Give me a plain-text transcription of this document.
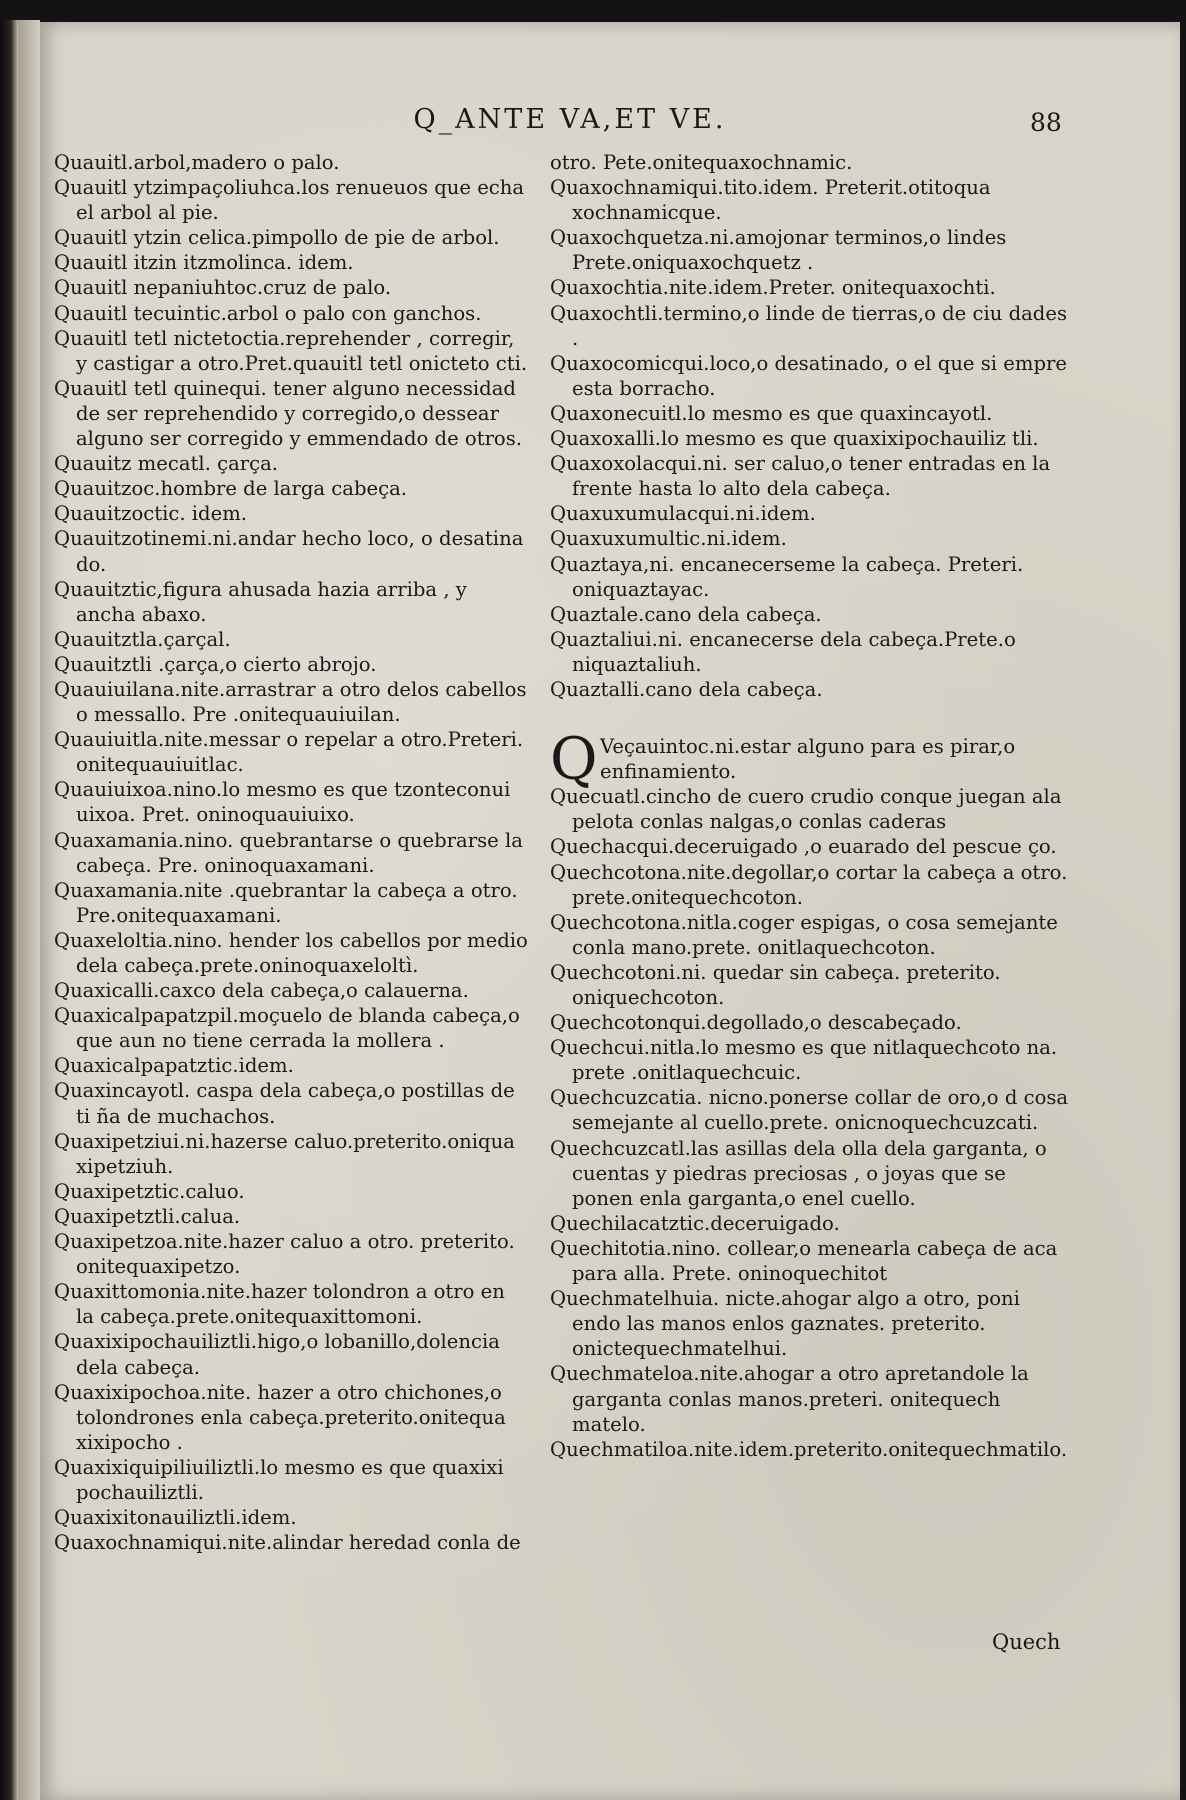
Q_ANTE VA,ET VE.	88

Quauitl.arbol,madero o palo.

Quauitl ytzimpaçoliuhca.los renueuos que echa el arbol al pie.

Quauitl ytzin celica.pimpollo de pie de arbol.

Quauitl itzin itzmolinca. idem.

Quauitl nepaniuhtoc.cruz de palo.

Quauitl tecuintic.arbol o palo con ganchos.

Quauitl tetl nictetoctia.reprehender , corregir, y castigar a otro.Pret.quauitl tetl onicteto cti.

Quauitl tetl quinequi. tener alguno necessidad de ser reprehendido y corregido,o dessear alguno ser corregido y emmendado de otros.

Quauitz mecatl. çarça.

Quauitzoc.hombre de larga cabeça.

Quauitzoctic. idem.

Quauitzotinemi.ni.andar hecho loco, o desatina do.

Quauitztic,figura ahusada hazia arriba , y ancha abaxo.

Quauitztla.çarçal.

Quauitztli .çarça,o cierto abrojo.

Quauiuilana.nite.arrastrar a otro delos cabellos o messallo. Pre .onitequauiuilan.

Quauiuitla.nite.messar o repelar a otro.Preteri. onitequauiuitlac.

Quauiuixoa.nino.lo mesmo es que tzonteconui uixoa. Pret. oninoquauiuixo.

Quaxamania.nino. quebrantarse o quebrarse la cabeça. Pre. oninoquaxamani.

Quaxamania.nite .quebrantar la cabeça a otro. Pre.onitequaxamani.

Quaxeloltia.nino. hender los cabellos por medio dela cabeça.prete.oninoquaxeloltì.

Quaxicalli.caxco dela cabeça,o calauerna.

Quaxicalpapatzpil.moçuelo de blanda cabeça,o que aun no tiene cerrada la mollera .

Quaxicalpapatztic.idem.

Quaxincayotl. caspa dela cabeça,o postillas de ti ña de muchachos.

Quaxipetziui.ni.hazerse caluo.preterito.oniqua xipetziuh.

Quaxipetztic.caluo.

Quaxipetztli.calua.

Quaxipetzoa.nite.hazer caluo a otro. preterito. onitequaxipetzo.

Quaxittomonia.nite.hazer tolondron a otro en la cabeça.prete.onitequaxittomoni.

Quaxixipochauiliztli.higo,o lobanillo,dolencia dela cabeça.

Quaxixipochoa.nite. hazer a otro chichones,o tolondrones enla cabeça.preterito.onitequa xixipocho .

Quaxixiquipiliuiliztli.lo mesmo es que quaxixi pochauiliztli.

Quaxixitonauiliztli.idem.

Quaxochnamiqui.nite.alindar heredad conla de

otro. Pete.onitequaxochnamic.

Quaxochnamiqui.tito.idem. Preterit.otitoqua xochnamicque.

Quaxochquetza.ni.amojonar terminos,o lindes Prete.oniquaxochquetz .

Quaxochtia.nite.idem.Preter. onitequaxochti.

Quaxochtli.termino,o linde de tierras,o de ciu dades .

Quaxocomicqui.loco,o desatinado, o el que si empre esta borracho.

Quaxonecuitl.lo mesmo es que quaxincayotl.

Quaxoxalli.lo mesmo es que quaxixipochauiliz tli.

Quaxoxolacqui.ni. ser caluo,o tener entradas en la frente hasta lo alto dela cabeça.

Quaxuxumulacqui.ni.idem.

Quaxuxumultic.ni.idem.

Quaztaya,ni. encanecerseme la cabeça. Preteri. oniquaztayac.

Quaztale.cano dela cabeça.

Quaztaliui.ni. encanecerse dela cabeça.Prete.o niquaztaliuh.

Quaztalli.cano dela cabeça.

Q Veçauintoc.ni.estar alguno para es pirar,o enfinamiento.

Quecuatl.cincho de cuero crudio conque juegan ala pelota conlas nalgas,o conlas caderas

Quechacqui.deceruigado ,o euarado del pescue ço.

Quechcotona.nite.degollar,o cortar la cabeça a otro. prete.onitequechcoton.

Quechcotona.nitla.coger espigas, o cosa semejante conla mano.prete. onitlaquechcoton.

Quechcotoni.ni. quedar sin cabeça. preterito. oniquechcoton.

Quechcotonqui.degollado,o descabeçado.

Quechcui.nitla.lo mesmo es que nitlaquechcoto na. prete .onitlaquechcuic.

Quechcuzcatia. nicno.ponerse collar de oro,o d cosa semejante al cuello.prete. onicnoquechcuzcati.

Quechcuzcatl.las asillas dela olla dela garganta, o cuentas y piedras preciosas , o joyas que se ponen enla garganta,o enel cuello.

Quechilacatztic.deceruigado.

Quechitotia.nino. collear,o menearla cabeça de aca para alla. Prete. oninoquechitot

Quechmatelhuia. nicte.ahogar algo a otro, poni endo las manos enlos gaznates. preterito. onictequechmatelhui.

Quechmateloa.nite.ahogar a otro apretandole la garganta conlas manos.preteri. onitequech matelo.

Quechmatiloa.nite.idem.preterito.onitequechmatilo.

Quech
